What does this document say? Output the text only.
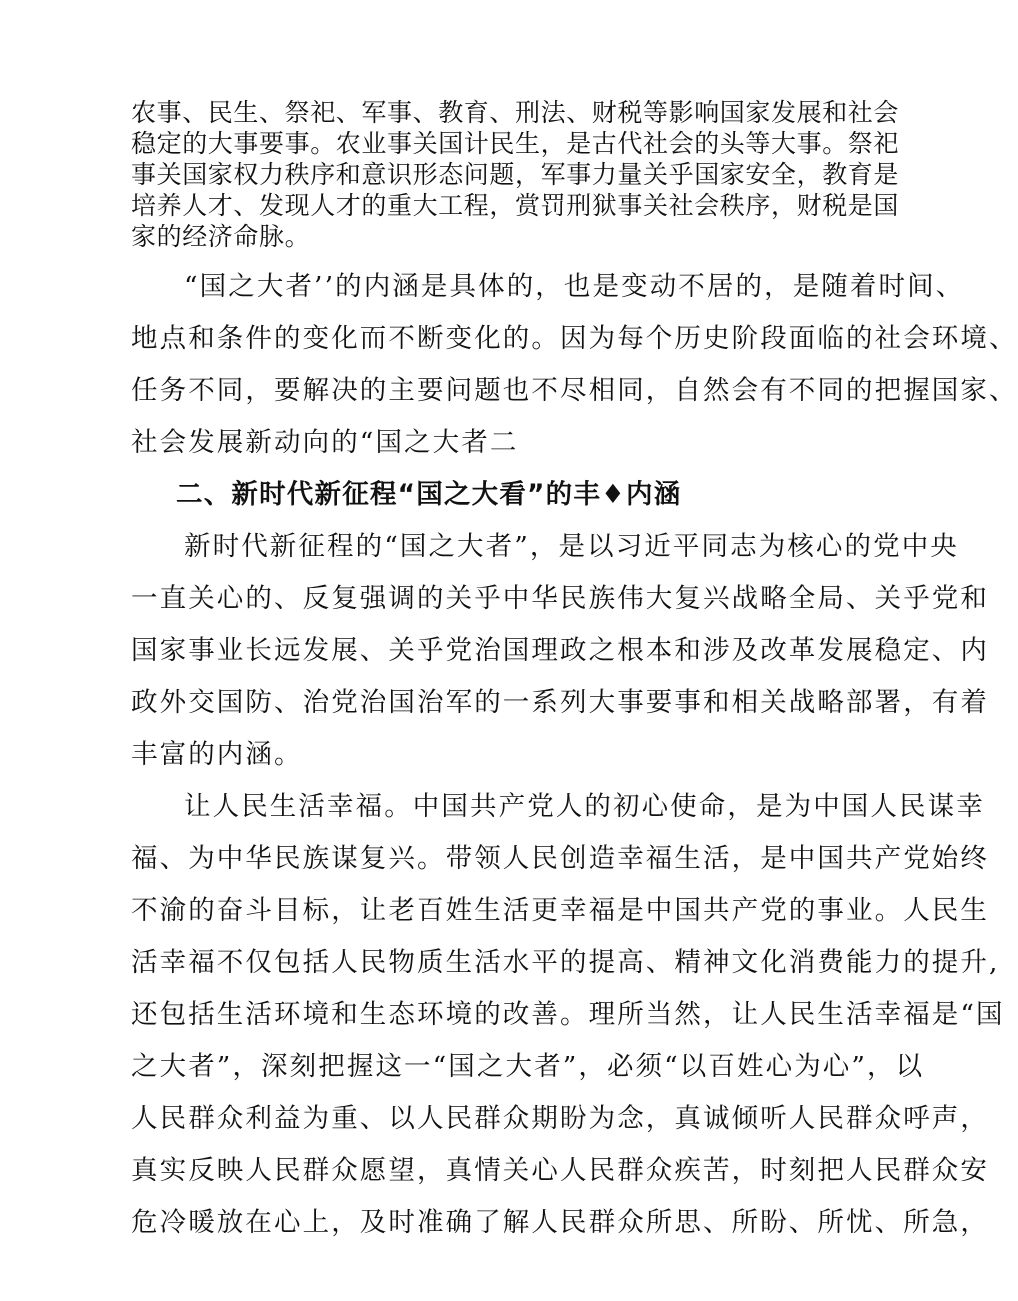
农事、民生、祭祀、军事、教育、刑法、财税等影响国家发展和社会

稳定的大事要事。农业事关国计民生，是古代社会的头等大事。祭祀

事关国家权力秩序和意识形态问题，军事力量关乎国家安全，教育是

培养人才、发现人才的重大工程，赏罚刑狱事关社会秩序，财税是国

家的经济命脉。

“国之大者’’的内涵是具体的，也是变动不居的，是随着时间、

地点和条件的变化而不断变化的。因为每个历史阶段面临的社会环境、

任务不同，要解决的主要问题也不尽相同，自然会有不同的把握国家、

社会发展新动向的“国之大者二

二、新时代新征程“国之大看”的丰♦内涵

新时代新征程的“国之大者”，是以习近平同志为核心的党中央

一直关心的、反复强调的关乎中华民族伟大复兴战略全局、关乎党和

国家事业长远发展、关乎党治国理政之根本和涉及改革发展稳定、内

政外交国防、治党治国治军的一系列大事要事和相关战略部署，有着

丰富的内涵。

让人民生活幸福。中国共产党人的初心使命，是为中国人民谋幸

福、为中华民族谋复兴。带领人民创造幸福生活，是中国共产党始终

不渝的奋斗目标，让老百姓生活更幸福是中国共产党的事业。人民生

活幸福不仅包括人民物质生活水平的提高、精神文化消费能力的提升,

还包括生活环境和生态环境的改善。理所当然，让人民生活幸福是“国

之大者”，深刻把握这一“国之大者”，必须“以百姓心为心”，以

人民群众利益为重、以人民群众期盼为念，真诚倾听人民群众呼声，

真实反映人民群众愿望，真情关心人民群众疾苦，时刻把人民群众安

危冷暖放在心上，及时准确了解人民群众所思、所盼、所忧、所急，
